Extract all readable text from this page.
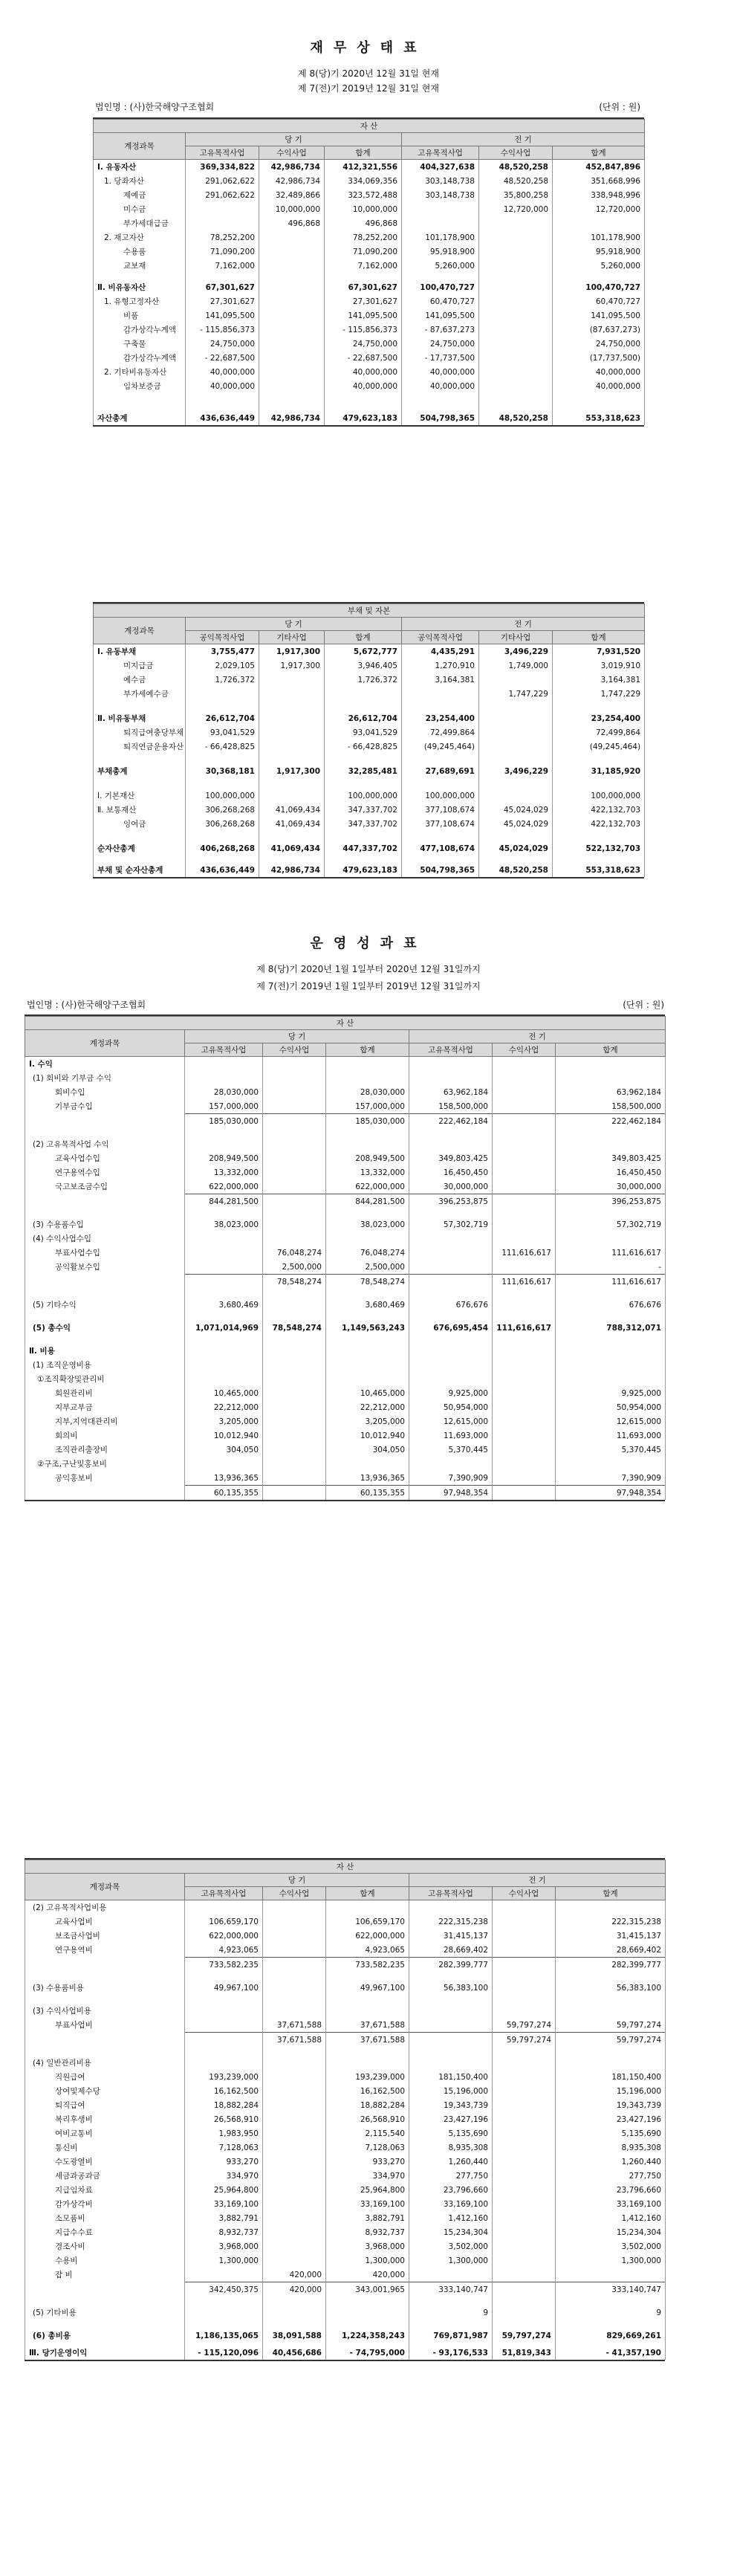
재무상태표
제 8(당)기 2020년 12월 31일 현재
제 7(전)기 2019년 12월 31일 현재
법인명 : (사)한국해양구조협회	(단위 : 원)
자 산						
계정과목	당 기			전 기		
	고유목적사업	수익사업	합계	고유목적사업	수익사업	합계
Ⅰ. 유동자산	369,334,822	42,986,734	412,321,556	404,327,638	48,520,258	452,847,896
1. 당좌자산	291,062,622	42,986,734	334,069,356	303,148,738	48,520,258	351,668,996
제예금	291,062,622	32,489,866	323,572,488	303,148,738	35,800,258	338,948,996
미수금		10,000,000	10,000,000		12,720,000	12,720,000
부가세대급금		496,868	496,868			
2. 재고자산	78,252,200		78,252,200	101,178,900		101,178,900
수용품	71,090,200		71,090,200	95,918,900		95,918,900
교보재	7,162,000		7,162,000	5,260,000		5,260,000

Ⅱ. 비유동자산	67,301,627		67,301,627	100,470,727		100,470,727
1. 유형고정자산	27,301,627		27,301,627	60,470,727		60,470,727
비품	141,095,500		141,095,500	141,095,500		141,095,500
감가상각누계액	- 115,856,373		- 115,856,373	- 87,637,273		(87,637,273)
구축물	24,750,000		24,750,000	24,750,000		24,750,000
감가상각누계액	- 22,687,500		- 22,687,500	- 17,737,500		(17,737,500)
2. 기타비유동자산	40,000,000		40,000,000	40,000,000		40,000,000
임차보증금	40,000,000		40,000,000	40,000,000		40,000,000

자산총계	436,636,449	42,986,734	479,623,183	504,798,365	48,520,258	553,318,623
부채 및 자본						
계정과목	당 기			전 기		
	공익목적사업	기타사업	합계	공익목적사업	기타사업	합계
Ⅰ. 유동부채	3,755,477	1,917,300	5,672,777	4,435,291	3,496,229	7,931,520
미지급금	2,029,105	1,917,300	3,946,405	1,270,910	1,749,000	3,019,910
예수금	1,726,372		1,726,372	3,164,381		3,164,381
부가세예수금					1,747,229	1,747,229

Ⅱ. 비유동부채	26,612,704		26,612,704	23,254,400		23,254,400
퇴직급여충당부채	93,041,529		93,041,529	72,499,864		72,499,864
퇴직연금운용자산	- 66,428,825		- 66,428,825	(49,245,464)		(49,245,464)

부채총계	30,368,181	1,917,300	32,285,481	27,689,691	3,496,229	31,185,920

Ⅰ. 기본재산	100,000,000		100,000,000	100,000,000		100,000,000
Ⅱ. 보통재산	306,268,268	41,069,434	347,337,702	377,108,674	45,024,029	422,132,703
잉여금	306,268,268	41,069,434	347,337,702	377,108,674	45,024,029	422,132,703

순자산총계	406,268,268	41,069,434	447,337,702	477,108,674	45,024,029	522,132,703

부채 및 순자산총계	436,636,449	42,986,734	479,623,183	504,798,365	48,520,258	553,318,623
운영성과표
제 8(당)기 2020년 1월 1일부터 2020년 12월 31일까지
제 7(전)기 2019년 1월 1일부터 2019년 12월 31일까지
법인명 : (사)한국해양구조협회	(단위 : 원)
자 산						
계정과목	당 기			전 기		
	고유목적사업	수익사업	합계	고유목적사업	수익사업	합계
Ⅰ. 수익						
(1) 회비와 기부금 수익						
회비수입	28,030,000		28,030,000	63,962,184		63,962,184
기부금수입	157,000,000		157,000,000	158,500,000		158,500,000
	185,030,000		185,030,000	222,462,184		222,462,184

(2) 고유목적사업 수익						
교육사업수입	208,949,500		208,949,500	349,803,425		349,803,425
연구용역수입	13,332,000		13,332,000	16,450,450		16,450,450
국고보조금수입	622,000,000		622,000,000	30,000,000		30,000,000
	844,281,500		844,281,500	396,253,875		396,253,875

(3) 수용품수입	38,023,000		38,023,000	57,302,719		57,302,719
(4) 수익사업수입						
부표사업수입		76,048,274	76,048,274		111,616,617	111,616,617
공익활보수입		2,500,000	2,500,000			-
		78,548,274	78,548,274		111,616,617	111,616,617

(5) 기타수익	3,680,469		3,680,469	676,676		676,676

(5) 총수익	1,071,014,969	78,548,274	1,149,563,243	676,695,454	111,616,617	788,312,071

Ⅱ. 비용						
(1) 조직운영비용						
①조직확장및관리비						
회원관리비	10,465,000		10,465,000	9,925,000		9,925,000
지부교부금	22,212,000		22,212,000	50,954,000		50,954,000
지부,지역대관리비	3,205,000		3,205,000	12,615,000		12,615,000
회의비	10,012,940		10,012,940	11,693,000		11,693,000
조직관리출장비	304,050		304,050	5,370,445		5,370,445
②구조,구난및홍보비						
공익홍보비	13,936,365		13,936,365	7,390,909		7,390,909
	60,135,355		60,135,355	97,948,354		97,948,354
자 산						
계정과목	당 기			전 기		
	고유목적사업	수익사업	합계	고유목적사업	수익사업	합계
(2) 고유목적사업비용						
교육사업비	106,659,170		106,659,170	222,315,238		222,315,238
보조금사업비	622,000,000		622,000,000	31,415,137		31,415,137
연구용역비	4,923,065		4,923,065	28,669,402		28,669,402
	733,582,235		733,582,235	282,399,777		282,399,777

(3) 수용품비용	49,967,100		49,967,100	56,383,100		56,383,100

(3) 수익사업비용						
부표사업비		37,671,588	37,671,588		59,797,274	59,797,274
		37,671,588	37,671,588		59,797,274	59,797,274

(4) 일반관리비용						
직원급여	193,239,000		193,239,000	181,150,400		181,150,400
상여및제수당	16,162,500		16,162,500	15,196,000		15,196,000
퇴직급여	18,882,284		18,882,284	19,343,739		19,343,739
복리후생비	26,568,910		26,568,910	23,427,196		23,427,196
여비교통비	1,983,950		2,115,540	5,135,690		5,135,690
통신비	7,128,063		7,128,063	8,935,308		8,935,308
수도광열비	933,270		933,270	1,260,440		1,260,440
세금과공과금	334,970		334,970	277,750		277,750
지급임차료	25,964,800		25,964,800	23,796,660		23,796,660
감가상각비	33,169,100		33,169,100	33,169,100		33,169,100
소모품비	3,882,791		3,882,791	1,412,160		1,412,160
지급수수료	8,932,737		8,932,737	15,234,304		15,234,304
경조사비	3,968,000		3,968,000	3,502,000		3,502,000
수용비	1,300,000		1,300,000	1,300,000		1,300,000
잡 비		420,000	420,000			
	342,450,375	420,000	343,001,965	333,140,747		333,140,747

(5) 기타비용				9		9

(6) 총비용	1,186,135,065	38,091,588	1,224,358,243	769,871,987	59,797,274	829,669,261

Ⅲ. 당기운영이익	- 115,120,096	40,456,686	- 74,795,000	- 93,176,533	51,819,343	- 41,357,190
